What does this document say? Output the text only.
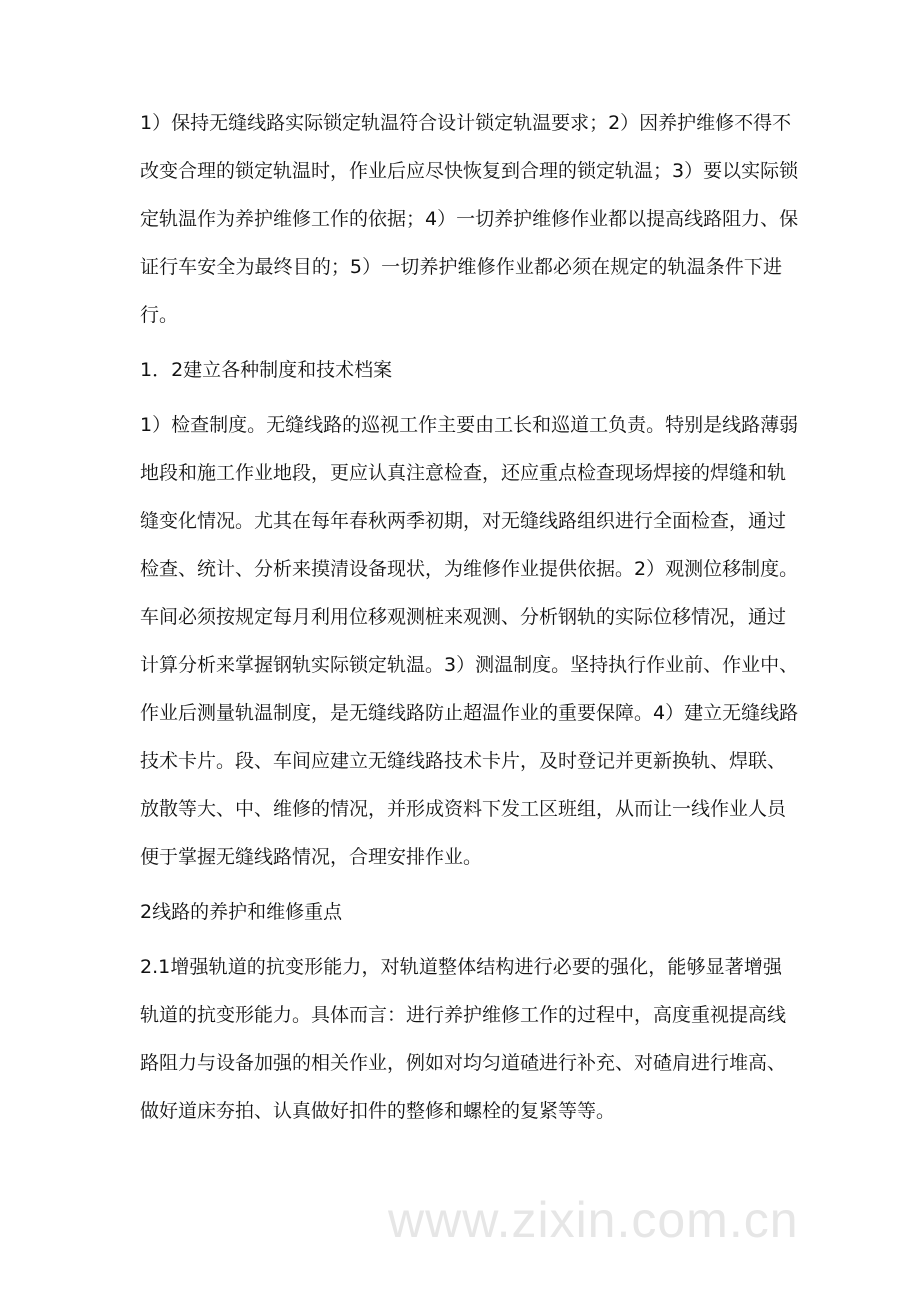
www.zixin.com.cn
1）保持无缝线路实际锁定轨温符合设计锁定轨温要求；2）因养护维修不得不
改变合理的锁定轨温时，作业后应尽快恢复到合理的锁定轨温；3）要以实际锁
定轨温作为养护维修工作的依据；4）一切养护维修作业都以提高线路阻力、保
证行车安全为最终目的；5）一切养护维修作业都必须在规定的轨温条件下进
行。
1．2建立各种制度和技术档案
1）检查制度。无缝线路的巡视工作主要由工长和巡道工负责。特别是线路薄弱
地段和施工作业地段，更应认真注意检查，还应重点检查现场焊接的焊缝和轨
缝变化情况。尤其在每年春秋两季初期，对无缝线路组织进行全面检查，通过
检查、统计、分析来摸清设备现状，为维修作业提供依据。2）观测位移制度。
车间必须按规定每月利用位移观测桩来观测、分析钢轨的实际位移情况，通过
计算分析来掌握钢轨实际锁定轨温。3）测温制度。坚持执行作业前、作业中、
作业后测量轨温制度，是无缝线路防止超温作业的重要保障。4）建立无缝线路
技术卡片。段、车间应建立无缝线路技术卡片，及时登记并更新换轨、焊联、
放散等大、中、维修的情况，并形成资料下发工区班组，从而让一线作业人员
便于掌握无缝线路情况，合理安排作业。
2线路的养护和维修重点
2.1增强轨道的抗变形能力，对轨道整体结构进行必要的强化，能够显著增强
轨道的抗变形能力。具体而言：进行养护维修工作的过程中，高度重视提高线
路阻力与设备加强的相关作业，例如对均匀道碴进行补充、对碴肩进行堆高、
做好道床夯拍、认真做好扣件的整修和螺栓的复紧等等。
